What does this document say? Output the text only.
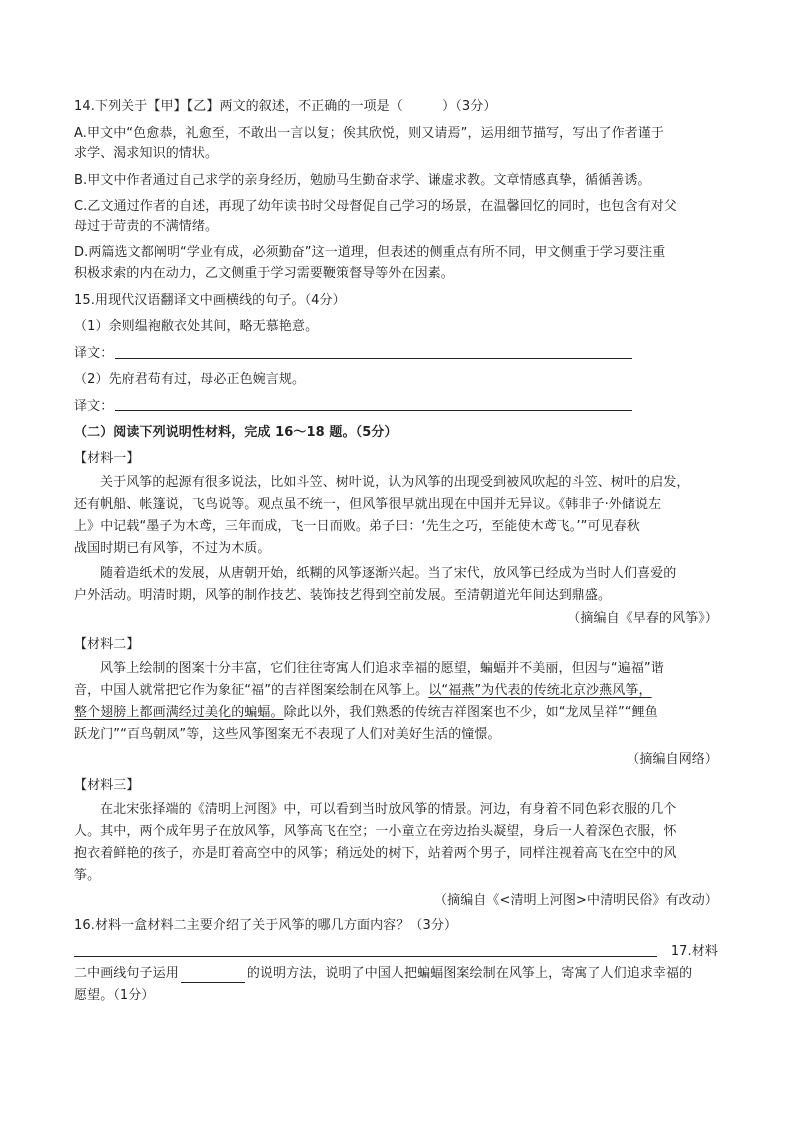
14.下列关于【甲】【乙】两文的叙述，不正确的一项是（　　　）（3分）
A.甲文中“色愈恭，礼愈至，不敢出一言以复；俟其欣悦，则又请焉”，运用细节描写，写出了作者谨于
求学、渴求知识的情状。
B.甲文中作者通过自己求学的亲身经历，勉励马生勤奋求学、谦虚求教。文章情感真挚，循循善诱。
C.乙文通过作者的自述，再现了幼年读书时父母督促自己学习的场景，在温馨回忆的同时，也包含有对父
母过于苛责的不满情绪。
D.两篇选文都阐明“学业有成，必须勤奋”这一道理，但表述的侧重点有所不同，甲文侧重于学习要注重
积极求索的内在动力，乙文侧重于学习需要鞭策督导等外在因素。
15.用现代汉语翻译文中画横线的句子。（4分）
（1）余则缊袍敝衣处其间，略无慕艳意。
译文：
（2）先府君苟有过，母必正色婉言规。
译文：
（二）阅读下列说明性材料，完成 16～18 题。（5分）
【材料一】
关于风筝的起源有很多说法，比如斗笠、树叶说，认为风筝的出现受到被风吹起的斗笠、树叶的启发，
还有帆船、帐篷说，飞鸟说等。观点虽不统一，但风筝很早就出现在中国并无异议。《韩非子·外储说左
上》中记载“墨子为木鸢，三年而成，飞一日而败。弟子曰：‘先生之巧，至能使木鸢飞。’”可见春秋
战国时期已有风筝，不过为木质。
随着造纸术的发展，从唐朝开始，纸糊的风筝逐渐兴起。当了宋代，放风筝已经成为当时人们喜爱的
户外活动。明清时期，风筝的制作技艺、装饰技艺得到空前发展。至清朝道光年间达到鼎盛。
（摘编自《早春的风筝》）
【材料二】
风筝上绘制的图案十分丰富，它们往往寄寓人们追求幸福的愿望，蝙蝠并不美丽，但因与“遍福”谐
音，中国人就常把它作为象征“福”的吉祥图案绘制在风筝上。以“福燕”为代表的传统北京沙燕风筝，
整个翅膀上都画满经过美化的蝙蝠。除此以外，我们熟悉的传统吉祥图案也不少，如“龙凤呈祥”“鲤鱼
跃龙门”“百鸟朝凤”等，这些风筝图案无不表现了人们对美好生活的憧憬。
（摘编自网络）
【材料三】
在北宋张择端的《清明上河图》中，可以看到当时放风筝的情景。河边，有身着不同色彩衣服的几个
人。其中，两个成年男子在放风筝，风筝高飞在空；一小童立在旁边抬头凝望，身后一人着深色衣服，怀
抱衣着鲜艳的孩子，亦是盯着高空中的风筝；稍远处的树下，站着两个男子，同样注视着高飞在空中的风
筝。
（摘编自《<清明上河图>中清明民俗》有改动）
16.材料一盒材料二主要介绍了关于风筝的哪几方面内容？（3分）
17.材料
二中画线句子运用	的说明方法，说明了中国人把蝙蝠图案绘制在风筝上，寄寓了人们追求幸福的
愿望。（1分）
